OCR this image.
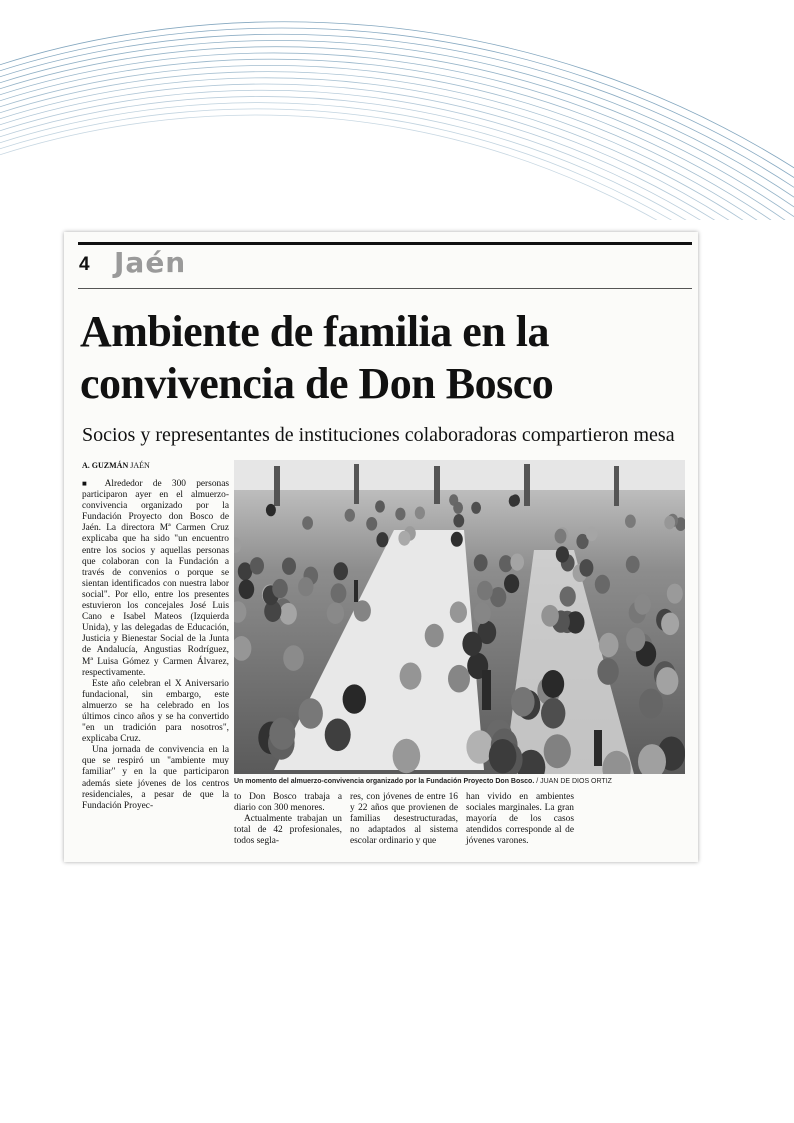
4 Jaén
Ambiente de familia en la
convivencia de Don Bosco
Socios y representantes de instituciones colaboradoras compartieron mesa
A. GUZMÁN JAÉN

■ Alrededor de 300 personas participaron ayer en el almuerzo-convivencia organizado por la Fundación Proyecto don Bosco de Jaén. La directora Mª Carmen Cruz explicaba que ha sido "un encuentro entre los socios y aquellas personas que colaboran con la Fundación a través de convenios o porque se sientan identificados con nuestra labor social". Por ello, entre los presentes estuvieron los concejales José Luis Cano e Isabel Mateos (Izquierda Unida), y las delegadas de Educación, Justicia y Bienestar Social de la Junta de Andalucía, Angustias Rodríguez, Mª Luisa Gómez y Carmen Álvarez, respectivamente.

Este año celebran el X Aniversario fundacional, sin embargo, este almuerzo se ha celebrado en los últimos cinco años y se ha convertido "en un tradición para nosotros", explicaba Cruz.

Una jornada de convivencia en la que se respiró un "ambiente muy familiar" y en la que participaron además siete jóvenes de los centros residenciales, a pesar de que la Fundación Proyec-

Un momento del almuerzo-convivencia organizado por la Fundación Proyecto Don Bosco. / JUAN DE DIOS ORTIZ

to Don Bosco trabaja a diario con 300 menores.

Actualmente trabajan un total de 42 profesionales, todos segla-

res, con jóvenes de entre 16 y 22 años que provienen de familias desestructuradas, no adaptados al sistema escolar ordinario y que

han vivido en ambientes sociales marginales. La gran mayoría de los casos atendidos corresponde al de jóvenes varones.
